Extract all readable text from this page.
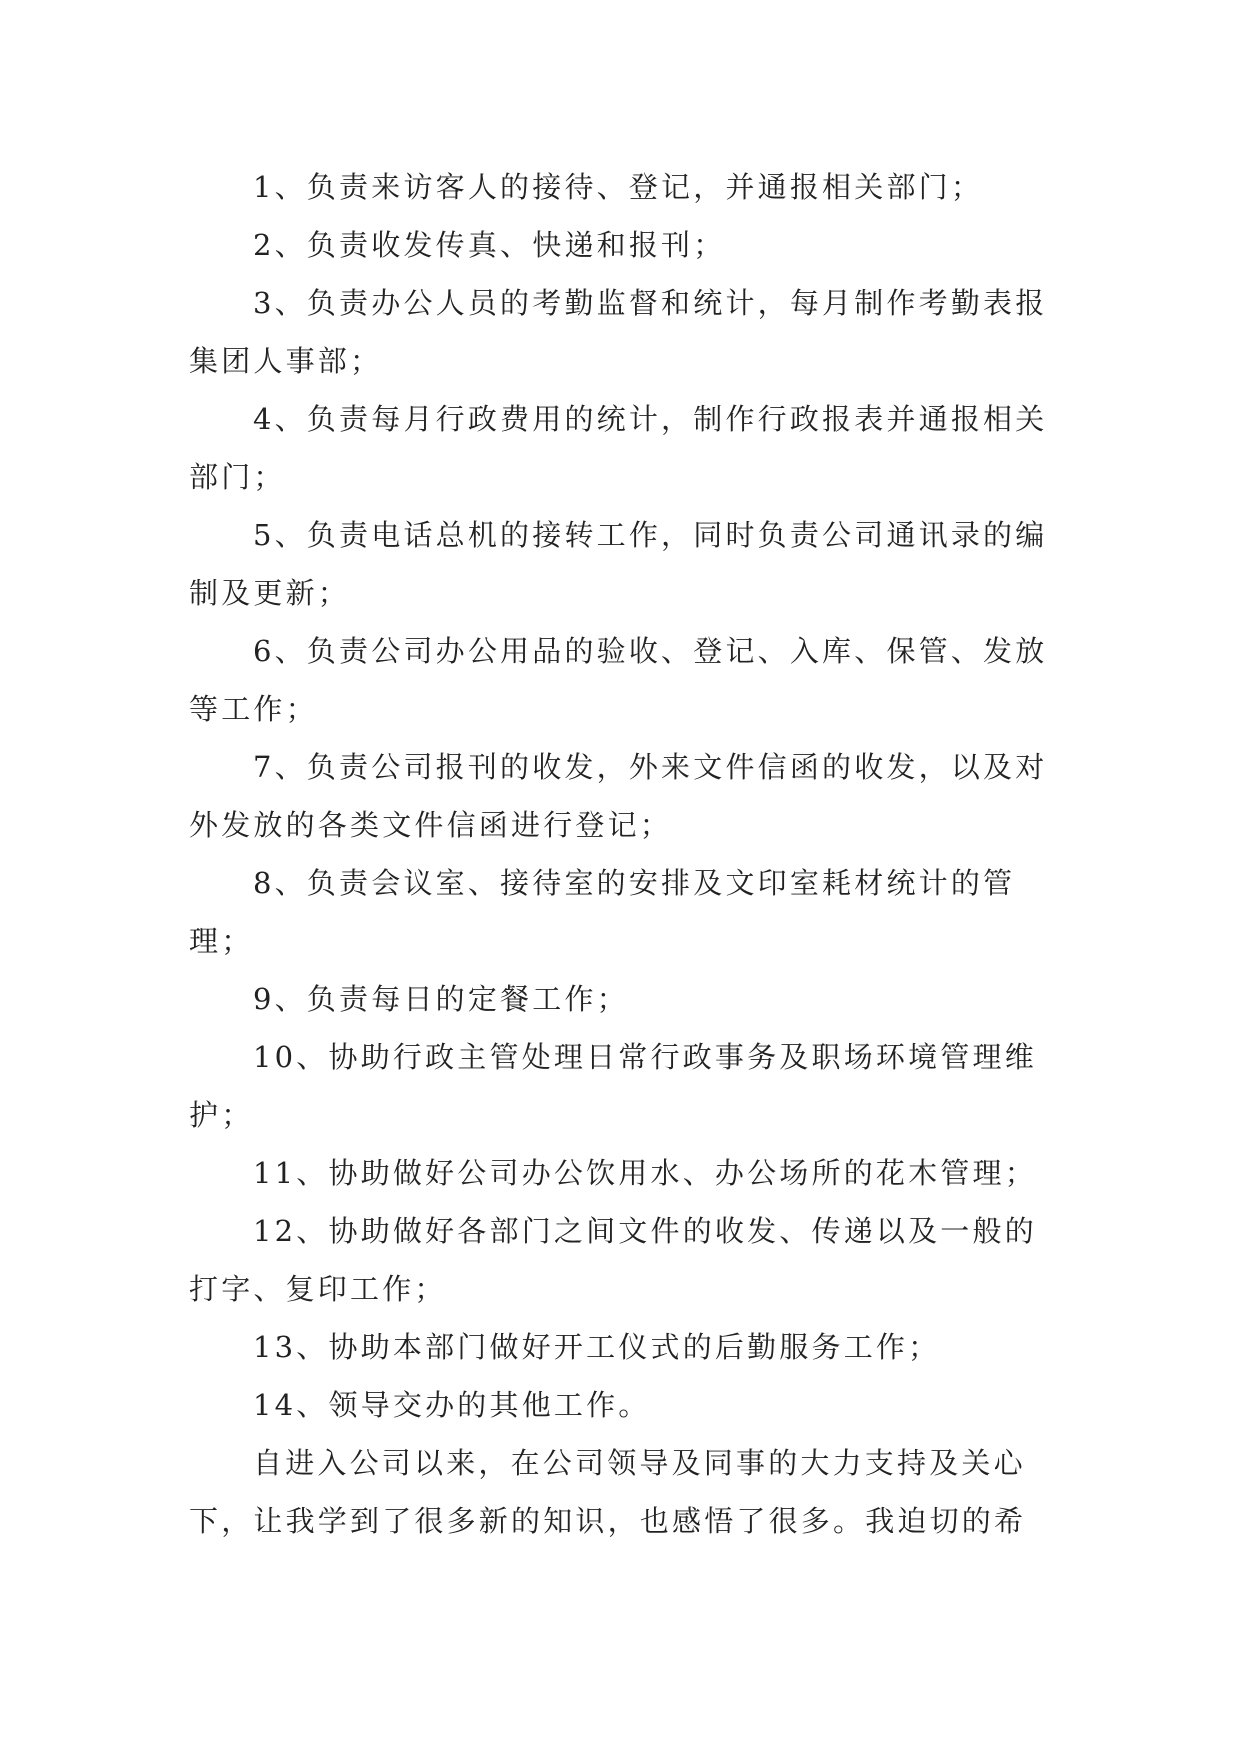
1、负责来访客人的接待、登记，并通报相关部门；

2、负责收发传真、快递和报刊；

3、负责办公人员的考勤监督和统计，每月制作考勤表报集团人事部；

4、负责每月行政费用的统计，制作行政报表并通报相关部门；

5、负责电话总机的接转工作，同时负责公司通讯录的编制及更新；

6、负责公司办公用品的验收、登记、入库、保管、发放等工作；

7、负责公司报刊的收发，外来文件信函的收发，以及对外发放的各类文件信函进行登记；

8、负责会议室、接待室的安排及文印室耗材统计的管理；

9、负责每日的定餐工作；

10、协助行政主管处理日常行政事务及职场环境管理维护；

11、协助做好公司办公饮用水、办公场所的花木管理；

12、协助做好各部门之间文件的收发、传递以及一般的打字、复印工作；

13、协助本部门做好开工仪式的后勤服务工作；

14、领导交办的其他工作。

自进入公司以来，在公司领导及同事的大力支持及关心下，让我学到了很多新的知识，也感悟了很多。我迫切的希
